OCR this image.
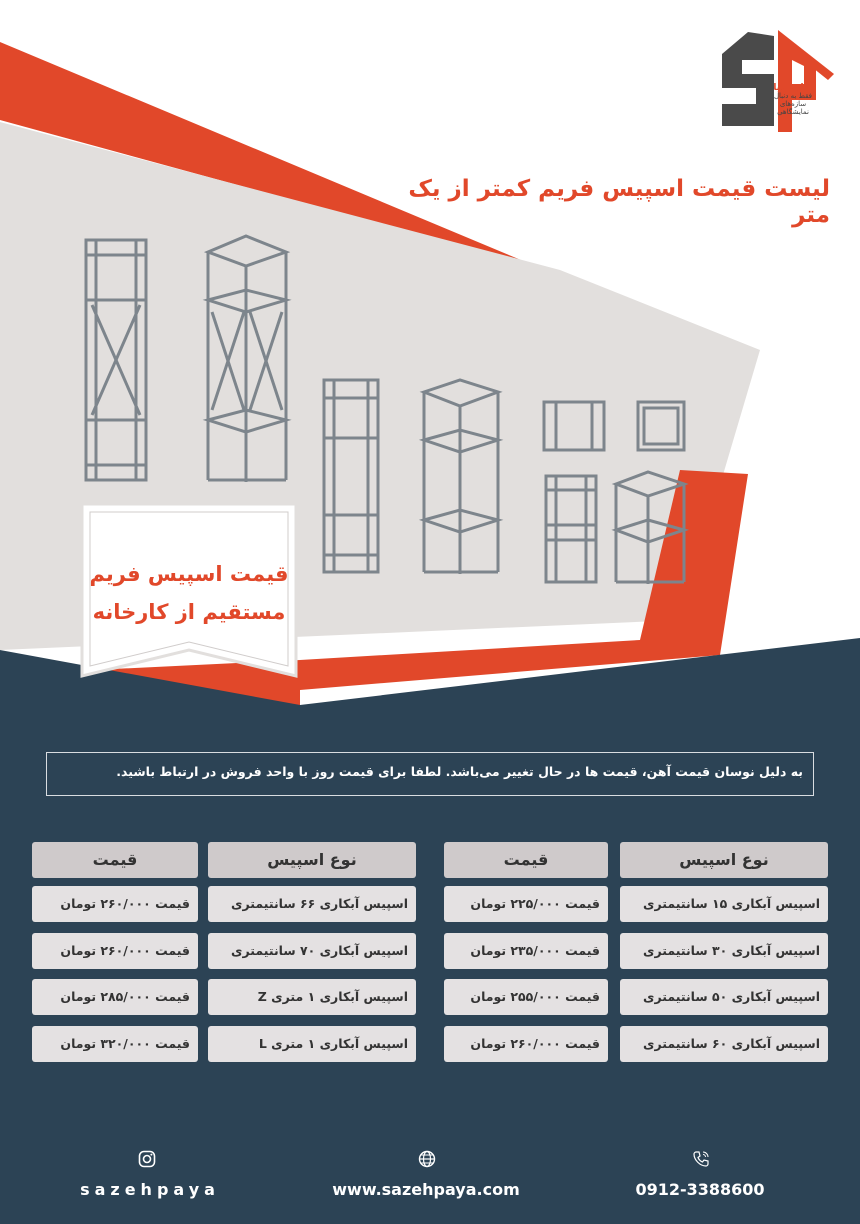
سازه پایا
فقط به دنبال
سازه‌های
نمایشگاهی
لیست قیمت اسپیس فریم کمتر از یک متر
قیمت اسپیس فریم
مستقیم از کارخانه
به دلیل نوسان قیمت آهن، قیمت ها در حال تغییر می‌باشد. لطفا برای قیمت روز با واحد فروش در ارتباط باشید.
نوع اسپیس
قیمت
اسپیس آبکاری ۱۵ سانتیمتری
قیمت ۲۲۵/۰۰۰ تومان
اسپیس آبکاری ۳۰ سانتیمتری
قیمت ۲۳۵/۰۰۰ تومان
اسپیس آبکاری ۵۰ سانتیمتری
قیمت ۲۵۵/۰۰۰ تومان
اسپیس آبکاری ۶۰ سانتیمتری
قیمت ۲۶۰/۰۰۰ تومان
نوع اسپیس
قیمت
اسپیس آبکاری ۶۶ سانتیمتری
قیمت ۲۶۰/۰۰۰ تومان
اسپیس آبکاری ۷۰ سانتیمتری
قیمت ۲۶۰/۰۰۰ تومان
اسپیس آبکاری ۱ متری Z
قیمت ۲۸۵/۰۰۰ تومان
اسپیس آبکاری ۱ متری L
قیمت ۳۲۰/۰۰۰ تومان
sazehpaya	www.sazehpaya.com	0912-3388600
